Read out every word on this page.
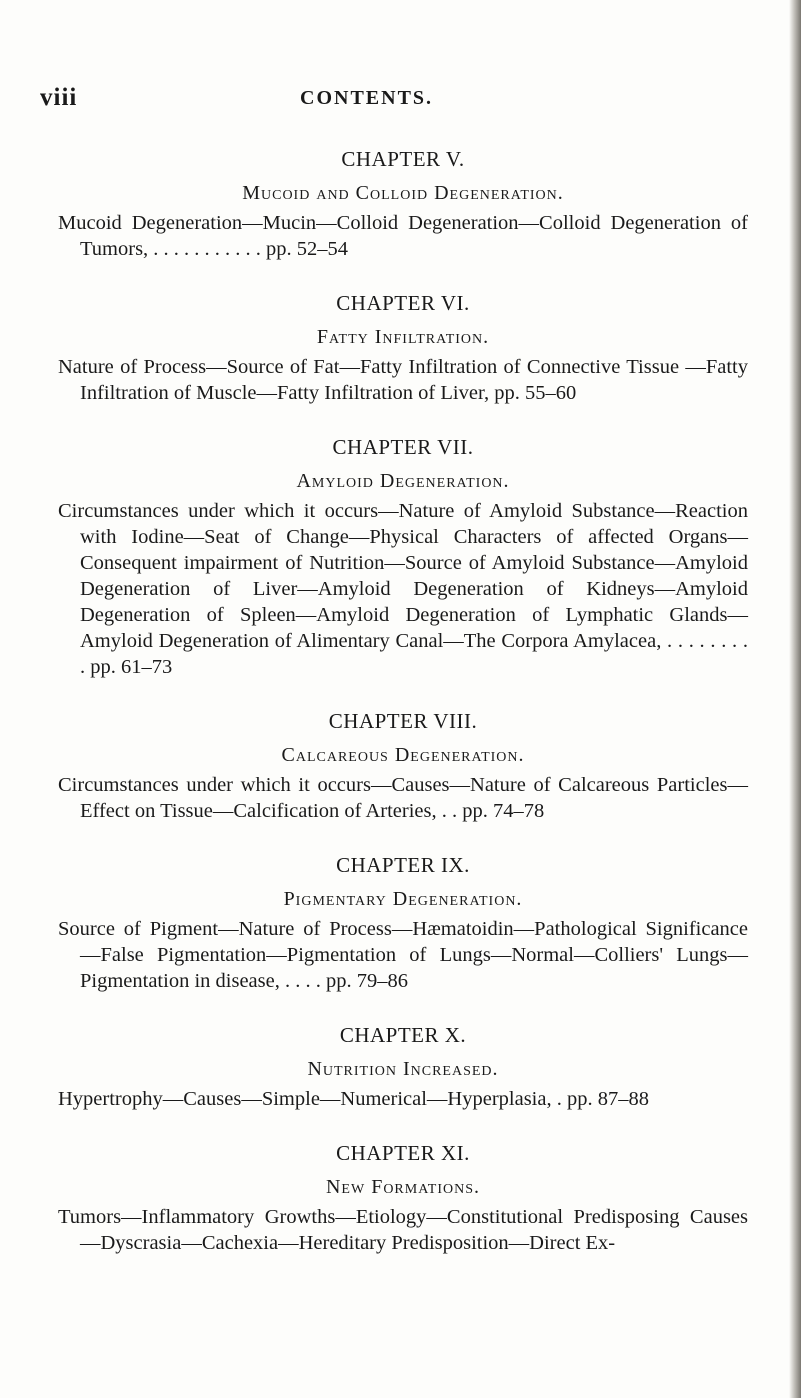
viii	CONTENTS.
CHAPTER V.
Mucoid and Colloid Degeneration.
Mucoid Degeneration—Mucin—Colloid Degeneration—Colloid Degeneration of Tumors, . . . . . . . . . . . pp. 52–54
CHAPTER VI.
Fatty Infiltration.
Nature of Process—Source of Fat—Fatty Infiltration of Connective Tissue —Fatty Infiltration of Muscle—Fatty Infiltration of Liver, pp. 55–60
CHAPTER VII.
Amyloid Degeneration.
Circumstances under which it occurs—Nature of Amyloid Substance—Reaction with Iodine—Seat of Change—Physical Characters of affected Organs—Consequent impairment of Nutrition—Source of Amyloid Substance—Amyloid Degeneration of Liver—Amyloid Degeneration of Kidneys—Amyloid Degeneration of Spleen—Amyloid Degeneration of Lymphatic Glands—Amyloid Degeneration of Alimentary Canal—The Corpora Amylacea, . . . . . . . . . pp. 61–73
CHAPTER VIII.
Calcareous Degeneration.
Circumstances under which it occurs—Causes—Nature of Calcareous Particles—Effect on Tissue—Calcification of Arteries, . . pp. 74–78
CHAPTER IX.
Pigmentary Degeneration.
Source of Pigment—Nature of Process—Hæmatoidin—Pathological Significance—False Pigmentation—Pigmentation of Lungs—Normal—Colliers' Lungs—Pigmentation in disease, . . . . pp. 79–86
CHAPTER X.
Nutrition Increased.
Hypertrophy—Causes—Simple—Numerical—Hyperplasia, . pp. 87–88
CHAPTER XI.
New Formations.
Tumors—Inflammatory Growths—Etiology—Constitutional Predisposing Causes—Dyscrasia—Cachexia—Hereditary Predisposition—Direct Ex-
